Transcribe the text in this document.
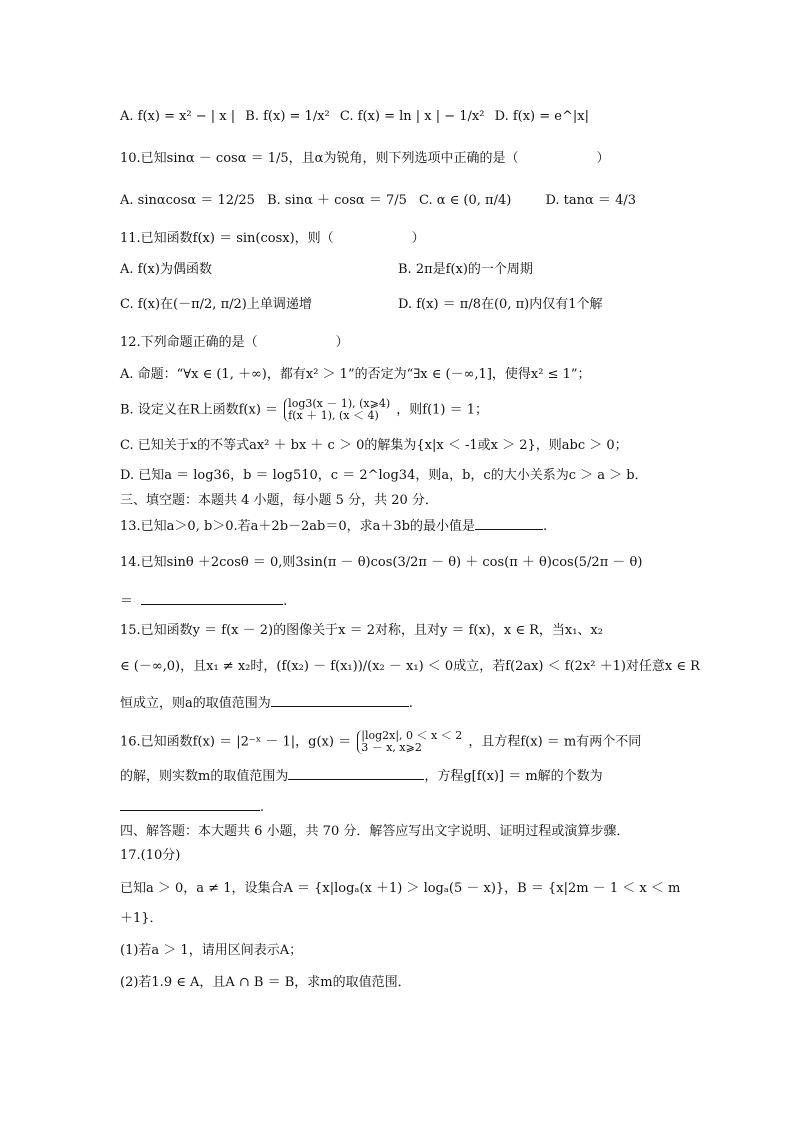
A. f(x) = x² − | x | B. f(x) = 1/x² C. f(x) = ln | x | − 1/x² D. f(x) = e^|x|
10.已知sinα － cosα ＝ 1/5，且α为锐角，则下列选项中正确的是（　　　　　　）
A. sinαcosα ＝ 12/25 B. sinα ＋ cosα ＝ 7/5 C. α ∈ (0, π/4)	D. tanα ＝ 4/3
11.已知函数f(x) ＝ sin(cosx)，则（　　　　　　）
A. f(x)为偶函数	B. 2π是f(x)的一个周期
C. f(x)在(－π/2, π/2)上单调递增	D. f(x) ＝ π/8在(0, π)内仅有1个解
12.下列命题正确的是（　　　　　　）
A. 命题：“∀x ∈ (1, ＋∞)，都有x² ＞ 1”的否定为“∃x ∈ (－∞,1]，使得x² ≤ 1”；
B. 设定义在R上函数f(x) ＝ log3(x － 1), (x⩾4)
f(x ＋ 1), (x ＜ 4)	，则f(1) ＝ 1；
C. 已知关于x的不等式ax² ＋ bx ＋ c ＞ 0的解集为{x|x ＜ -1或x ＞ 2}，则abc ＞ 0；
D. 已知a ＝ log36，b ＝ log510，c ＝ 2^log34，则a，b，c的大小关系为c ＞ a ＞ b．
三、填空题：本题共 4 小题，每小题 5 分，共 20 分．
13.已知a＞0, b＞0.若a＋2b－2ab＝0，求a＋3b的最小值是	.
14.已知sinθ ＋2cosθ ＝ 0,则3sin(π － θ)cos(3/2π － θ) ＋ cos(π ＋ θ)cos(5/2π － θ)
＝	.
15.已知函数y ＝ f(x － 2)的图像关于x ＝ 2对称，且对y ＝ f(x)，x ∈ R，当x₁、x₂
∈ (－∞,0)，且x₁ ≠ x₂时，(f(x₂) － f(x₁))/(x₂ － x₁) ＜ 0成立，若f(2ax) ＜ f(2x² ＋1)对任意x ∈ R
恒成立，则a的取值范围为	.
16.已知函数f(x) ＝ |2⁻ˣ － 1|，g(x) ＝ |log2x|, 0 ＜ x ＜ 2
3 － x, x⩾2	，且方程f(x) ＝ m有两个不同
的解，则实数m的取值范围为	，方程g[f(x)] ＝ m解的个数为
.
四、解答题：本大题共 6 小题，共 70 分．解答应写出文字说明、证明过程或演算步骤．
17.(10分)
已知a ＞ 0，a ≠ 1，设集合A ＝ {x|logₐ(x ＋1) ＞ logₐ(5 － x)}，B ＝ {x|2m － 1 ＜ x ＜ m
＋1}．
(1)若a ＞ 1，请用区间表示A；
(2)若1.9 ∈ A，且A ∩ B ＝ B，求m的取值范围．
